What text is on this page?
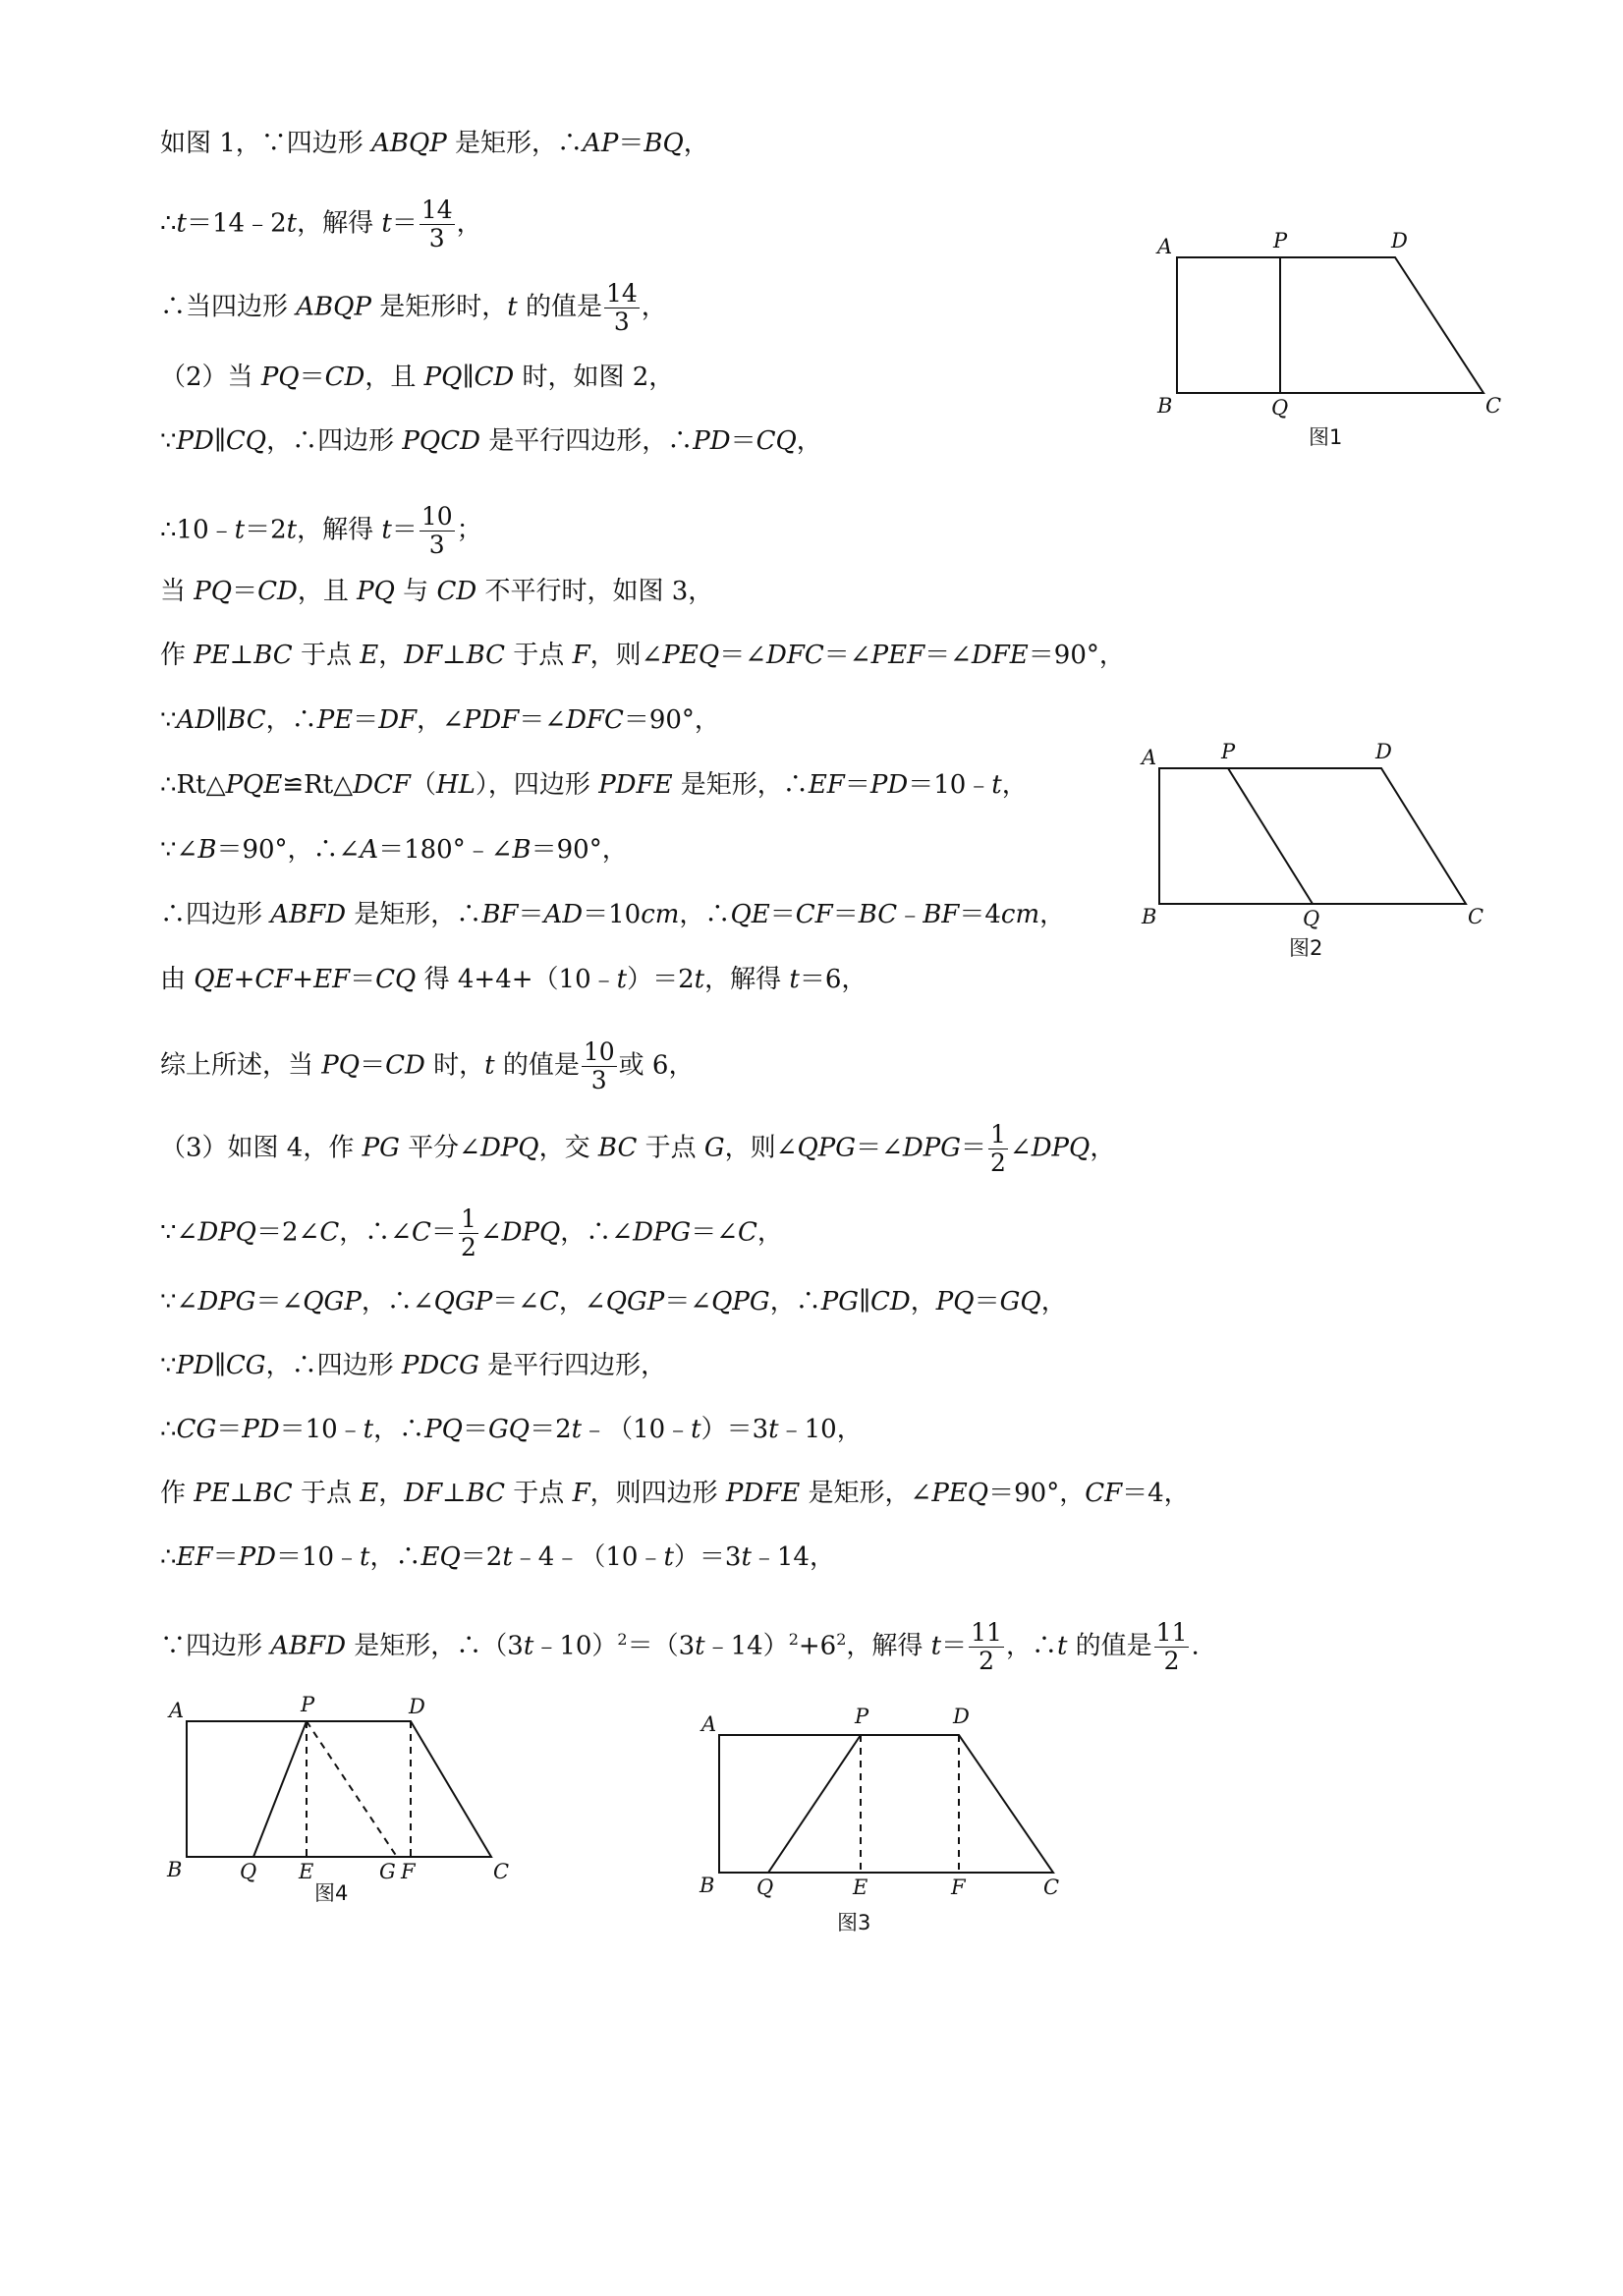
如图 1，∵四边形 ABQP 是矩形，∴AP＝BQ，
∴t＝14﹣2t，解得 $t= \frac{14}{3}$ ，
∴当四边形 ABQP 是矩形时，t 的值是 $\frac{14}{3}$ ，
（2）当 PQ＝CD，且 PQ∥CD 时，如图 2，
∵PD∥CQ，∴四边形 PQCD 是平行四边形，∴PD＝CQ，
∴10﹣t＝2t，解得 $t= \frac{10}{3}$ ；
当 PQ＝CD，且 PQ 与 CD 不平行时，如图 3，
作 PE⊥BC 于点 E，DF⊥BC 于点 F，则∠PEQ＝∠DFC＝∠PEF＝∠DFE＝90°，
∵AD∥BC，∴PE＝DF，∠PDF＝∠DFC＝90°，
∴Rt△PQE≌Rt△DCF（HL），四边形 PDFE 是矩形，∴EF＝PD＝10﹣t，
∵∠B＝90°，∴∠A＝180°﹣∠B＝90°，
∴四边形 ABFD 是矩形，∴BF＝AD＝10cm，∴QE＝CF＝BC﹣BF＝4cm，
由 QE+CF+EF＝CQ 得 4+4+（10﹣t）＝2t，解得 t＝6，
综上所述，当 PQ＝CD 时，t 的值是 $\frac{10}{3}$ 或 6，
（3）如图 4，作 PG 平分∠DPQ，交 BC 于点 G，则∠QPG＝∠DPG＝ $\frac{1}{2}$ ∠DPQ，
∵∠DPQ＝2∠C，∴∠C＝ $\frac{1}{2}$ ∠DPQ，∴∠DPG＝∠C，
∵∠DPG＝∠QGP，∴∠QGP＝∠C，∠QGP＝∠QPG，∴PG∥CD，PQ＝GQ，
∵PD∥CG，∴四边形 PDCG 是平行四边形，
∴CG＝PD＝10﹣t，∴PQ＝GQ＝2t﹣（10﹣t）＝3t﹣10，
作 PE⊥BC 于点 E，DF⊥BC 于点 F，则四边形 PDFE 是矩形，∠PEQ＝90°，CF＝4，
∴EF＝PD＝10﹣t，∴EQ＝2t﹣4﹣（10﹣t）＝3t﹣14，
∵四边形 ABFD 是矩形，$\therefore(3t﹣10)^2=(3t﹣14)^2+6^2$，解得 $t= \frac{11}{2}$ ，∴t 的值是 $\frac{11}{2}$ .
A	P	D
B	Q	C
图1
A	P	D
B	Q	C
图2
A	P	D
B	Q E	G F	C
图4
A	P	D
B Q	E	F	C
图3
